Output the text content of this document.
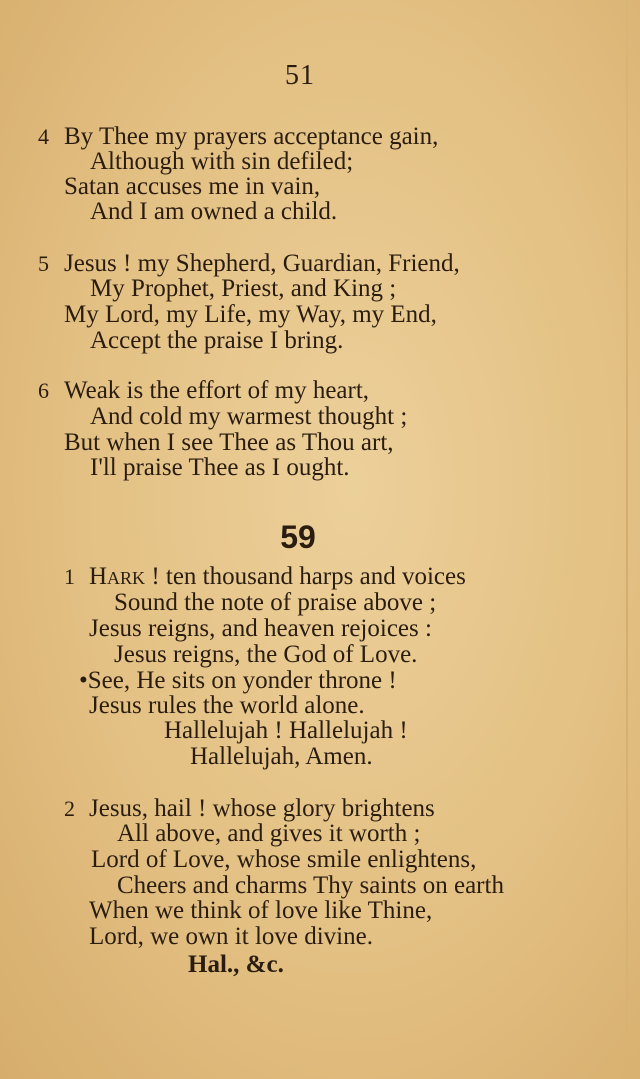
51
4 By Thee my prayers acceptance gain,
Although with sin defiled;
Satan accuses me in vain,
And I am owned a child.
5 Jesus ! my Shepherd, Guardian, Friend,
My Prophet, Priest, and King ;
My Lord, my Life, my Way, my End,
Accept the praise I bring.
6 Weak is the effort of my heart,
And cold my warmest thought ;
But when I see Thee as Thou art,
I'll praise Thee as I ought.
59
1 Hark ! ten thousand harps and voices
Sound the note of praise above ;
Jesus reigns, and heaven rejoices :
Jesus reigns, the God of Love.
•See, He sits on yonder throne !
Jesus rules the world alone.
Hallelujah ! Hallelujah !
Hallelujah, Amen.
2 Jesus, hail ! whose glory brightens
All above, and gives it worth ;
Lord of Love, whose smile enlightens,
Cheers and charms Thy saints on earth
When we think of love like Thine,
Lord, we own it love divine.
Hal., &c.
